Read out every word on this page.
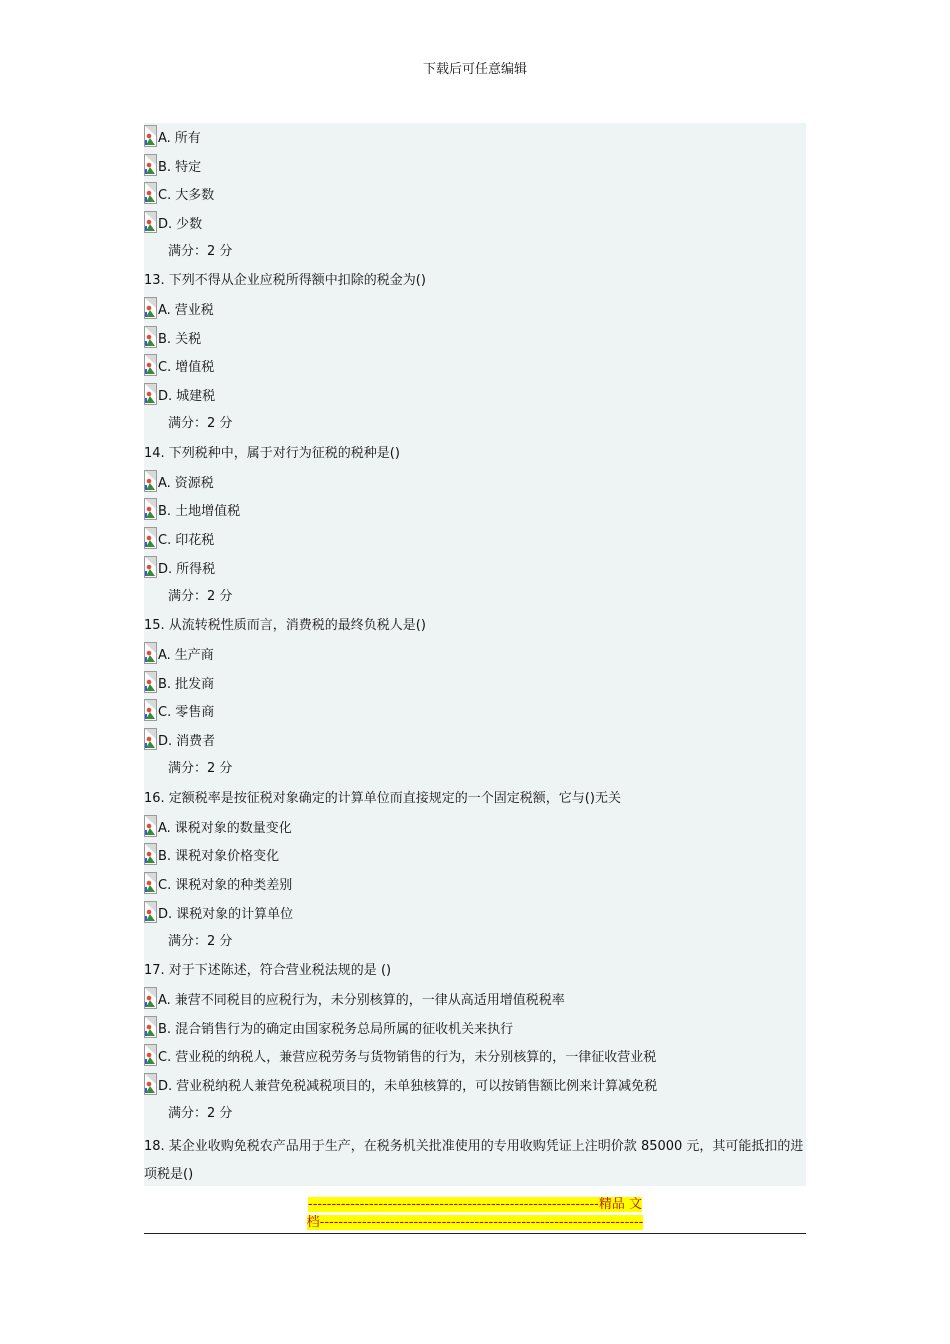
下载后可任意编辑
A. 所有
B. 特定
C. 大多数
D. 少数
满分：2 分
13. 下列不得从企业应税所得额中扣除的税金为()
A. 营业税
B. 关税
C. 增值税
D. 城建税
满分：2 分
14. 下列税种中，属于对行为征税的税种是()
A. 资源税
B. 土地增值税
C. 印花税
D. 所得税
满分：2 分
15. 从流转税性质而言，消费税的最终负税人是()
A. 生产商
B. 批发商
C. 零售商
D. 消费者
满分：2 分
16. 定额税率是按征税对象确定的计算单位而直接规定的一个固定税额，它与()无关
A. 课税对象的数量变化
B. 课税对象价格变化
C. 课税对象的种类差别
D. 课税对象的计算单位
满分：2 分
17. 对于下述陈述，符合营业税法规的是 ()
A. 兼营不同税目的应税行为，未分别核算的，一律从高适用增值税税率
B. 混合销售行为的确定由国家税务总局所属的征收机关来执行
C. 营业税的纳税人，兼营应税劳务与货物销售的行为，未分别核算的，一律征收营业税
D. 营业税纳税人兼营免税减税项目的，未单独核算的，可以按销售额比例来计算减免税
满分：2 分
18. 某企业收购免税农产品用于生产，在税务机关批准使用的专用收购凭证上注明价款 85000 元，其可能抵扣的进项税是()
--------------------------------------------------------------精品 文
档---------------------------------------------------------------------
